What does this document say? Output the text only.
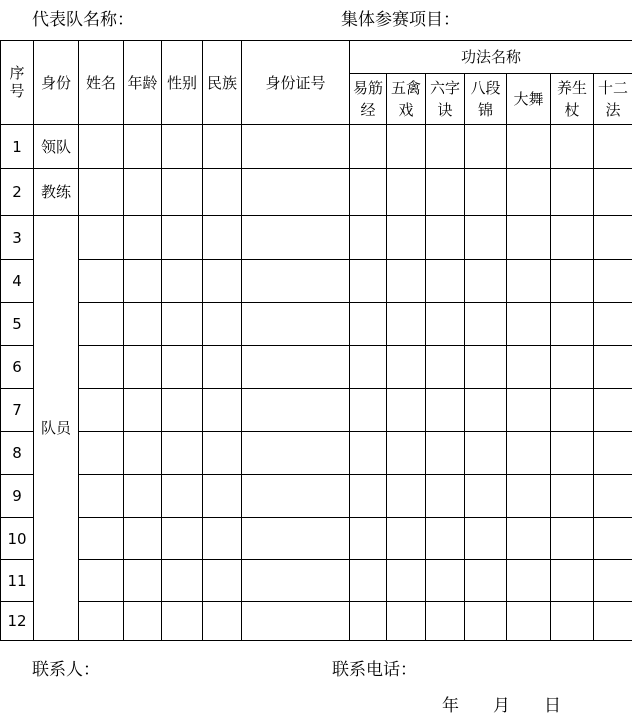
代表队名称：	集体参赛项目：
序号	身份	姓名	年龄	性别	民族	身份证号	功法名称						
							易筋经	五禽戏	六字诀	八段锦	大舞	养生杖	十二法
1	领队												
2	教练												
3	队员												
4													
5													
6													
7													
8													
9													
10													
11													
12													
联系人：	联系电话：
年 月 日
